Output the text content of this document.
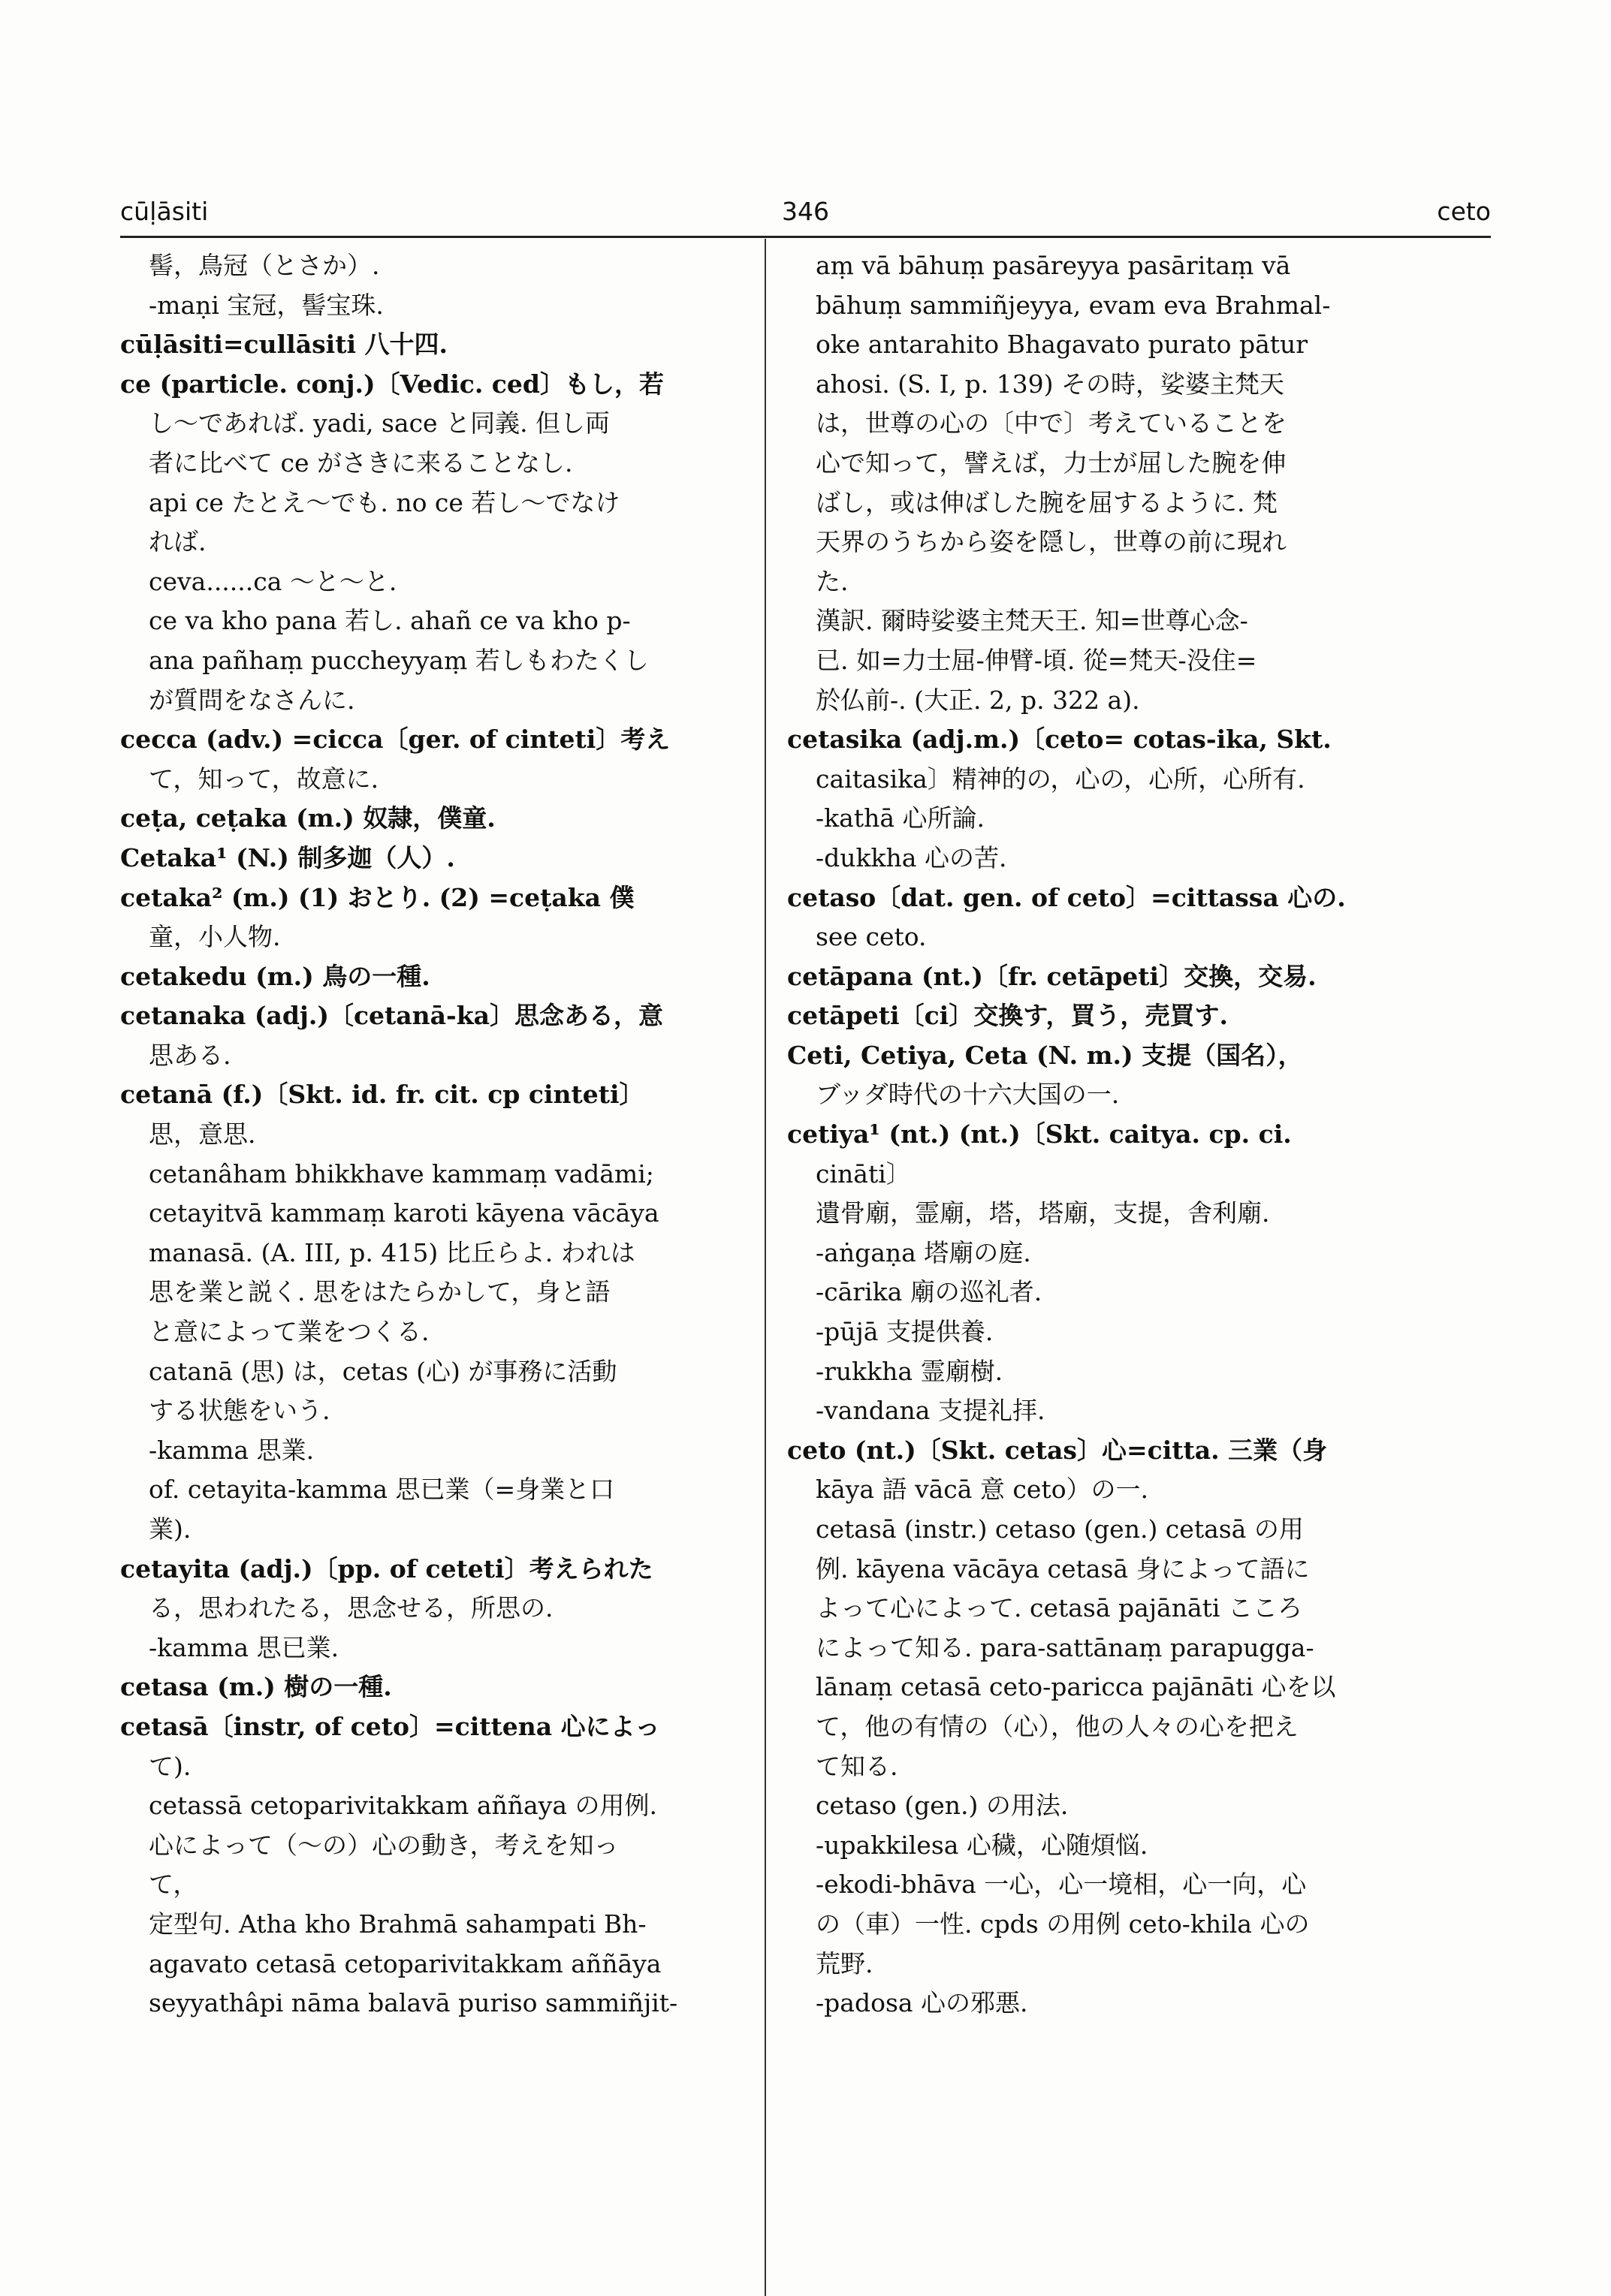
cūḷāsiti	346	ceto
髻，鳥冠（とさか）.
-maṇi 宝冠，髻宝珠.
cūḷāsiti=cullāsiti 八十四.
ce (particle. conj.)〔Vedic. ced〕もし，若
し～であれば. yadi, sace と同義. 但し両
者に比べて ce がさきに来ることなし.
api ce たとえ～でも. no ce 若し～でなけ
れば.
ceva......ca ～と～と.
ce va kho pana 若し. ahañ ce va kho p-
ana pañhaṃ puccheyyaṃ 若しもわたくし
が質問をなさんに.
cecca (adv.) =cicca〔ger. of cinteti〕考え
て，知って，故意に.
ceṭa, ceṭaka (m.) 奴隷，僕童.
Cetaka¹ (N.) 制多迦（人）.
cetaka² (m.) (1) おとり. (2) =ceṭaka 僕
童，小人物.
cetakedu (m.) 鳥の一種.
cetanaka (adj.)〔cetanā-ka〕思念ある，意
思ある.
cetanā (f.)〔Skt. id. fr. cit. cp cinteti〕
思，意思.
cetanâham bhikkhave kammaṃ vadāmi;
cetayitvā kammaṃ karoti kāyena vācāya
manasā. (A. III, p. 415) 比丘らよ. われは
思を業と説く. 思をはたらかして，身と語
と意によって業をつくる.
catanā (思) は，cetas (心) が事務に活動
する状態をいう.
-kamma 思業.
of. cetayita-kamma 思已業（=身業と口
業).
cetayita (adj.)〔pp. of ceteti〕考えられた
る，思われたる，思念せる，所思の.
-kamma 思已業.
cetasa (m.) 樹の一種.
cetasā〔instr, of ceto〕=cittena 心によっ
て).
cetassā cetoparivitakkam aññaya の用例.
心によって（～の）心の動き，考えを知っ
て，
定型句. Atha kho Brahmā sahampati Bh-
agavato cetasā cetoparivitakkam aññāya
seyyathâpi nāma balavā puriso sammiñjit-
aṃ vā bāhuṃ pasāreyya pasāritaṃ vā
bāhuṃ sammiñjeyya, evam eva Brahmal-
oke antarahito Bhagavato purato pātur
ahosi. (S. I, p. 139) その時，娑婆主梵天
は，世尊の心の〔中で〕考えていることを
心で知って，譬えば，力士が屈した腕を伸
ばし，或は伸ばした腕を屈するように. 梵
天界のうちから姿を隠し，世尊の前に現れ
た.
漢訳. 爾時娑婆主梵天王. 知=世尊心念-
已. 如=力士屈-伸臂-頃. 從=梵天-没住=
於仏前-. (大正. 2, p. 322 a).
cetasika (adj.m.)〔ceto= cotas-ika, Skt.
caitasika〕精神的の，心の，心所，心所有.
-kathā 心所論.
-dukkha 心の苦.
cetaso〔dat. gen. of ceto〕=cittassa 心の.
see ceto.
cetāpana (nt.)〔fr. cetāpeti〕交換，交易.
cetāpeti〔ci〕交換す，買う，売買す.
Ceti, Cetiya, Ceta (N. m.) 支提（国名），
ブッダ時代の十六大国の一.
cetiya¹ (nt.) (nt.)〔Skt. caitya. cp. ci.
cināti〕
遺骨廟，霊廟，塔，塔廟，支提，舎利廟.
-aṅgaṇa 塔廟の庭.
-cārika 廟の巡礼者.
-pūjā 支提供養.
-rukkha 霊廟樹.
-vandana 支提礼拝.
ceto (nt.)〔Skt. cetas〕心=citta. 三業（身
kāya 語 vācā 意 ceto）の一.
cetasā (instr.) cetaso (gen.) cetasā の用
例. kāyena vācāya cetasā 身によって語に
よって心によって. cetasā pajānāti こころ
によって知る. para-sattānaṃ parapugga-
lānaṃ cetasā ceto-paricca pajānāti 心を以
て，他の有情の（心），他の人々の心を把え
て知る.
cetaso (gen.) の用法.
-upakkilesa 心穢，心随煩悩.
-ekodi-bhāva 一心，心一境相，心一向，心
の（車）一性. cpds の用例 ceto-khila 心の
荒野.
-padosa 心の邪悪.
